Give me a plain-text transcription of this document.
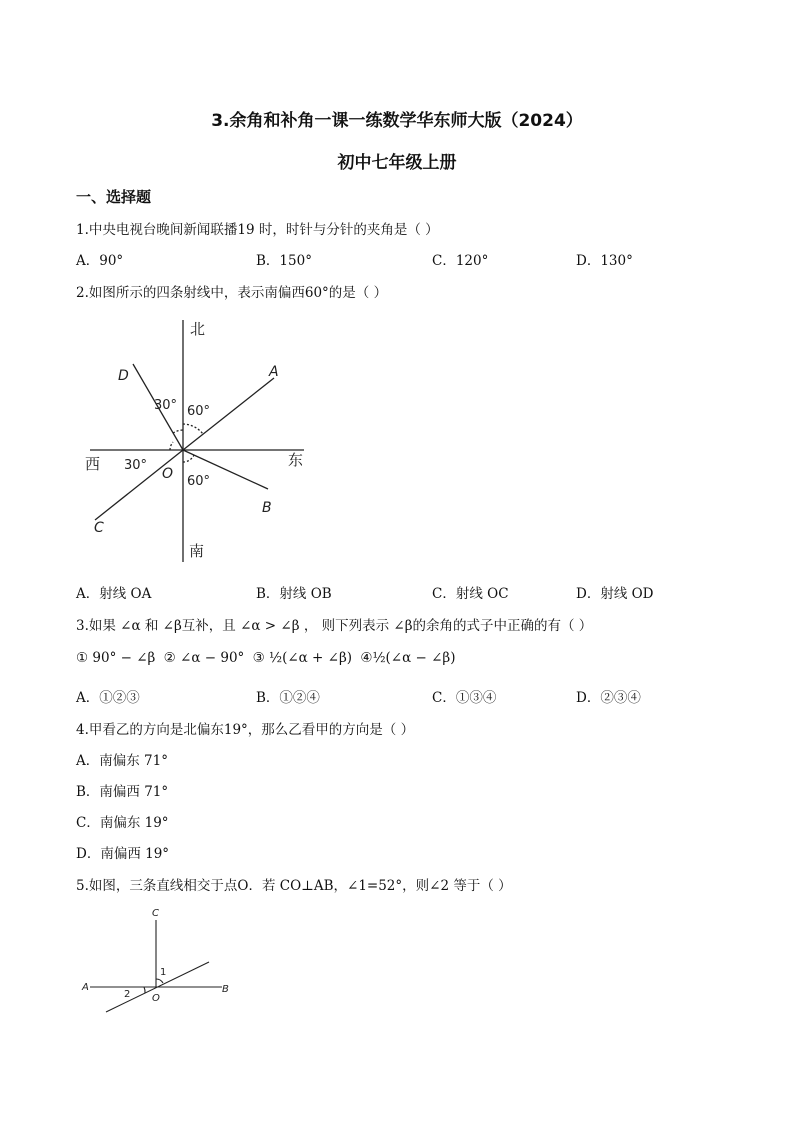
3.余角和补角一课一练数学华东师大版（2024）
初中七年级上册
一、选择题
1.中央电视台晚间新闻联播19 时，时针与分针的夹角是（ ）
A．90°	B．150°	C．120°	D．130°
2.如图所示的四条射线中，表示南偏西60°的是（ ）
北
南
西	东
A
B
C
D
O
30° 60°
30°
60°
A．射线 OA	B．射线 OB	C．射线 OC	D．射线 OD
3.如果 ∠α 和 ∠β互补，且 ∠α > ∠β ， 则下列表示 ∠β的余角的式子中正确的有（ ）
① 90° − ∠β ② ∠α − 90° ③ ½(∠α + ∠β) ④½(∠α − ∠β)
A．①②③	B．①②④	C．①③④	D．②③④
4.甲看乙的方向是北偏东19°，那么乙看甲的方向是（ ）
A．南偏东 71°
B．南偏西 71°
C．南偏东 19°
D．南偏西 19°
5.如图，三条直线相交于点O．若 CO⊥AB，∠1=52°，则∠2 等于（ ）
C
A	B
O
1
2
